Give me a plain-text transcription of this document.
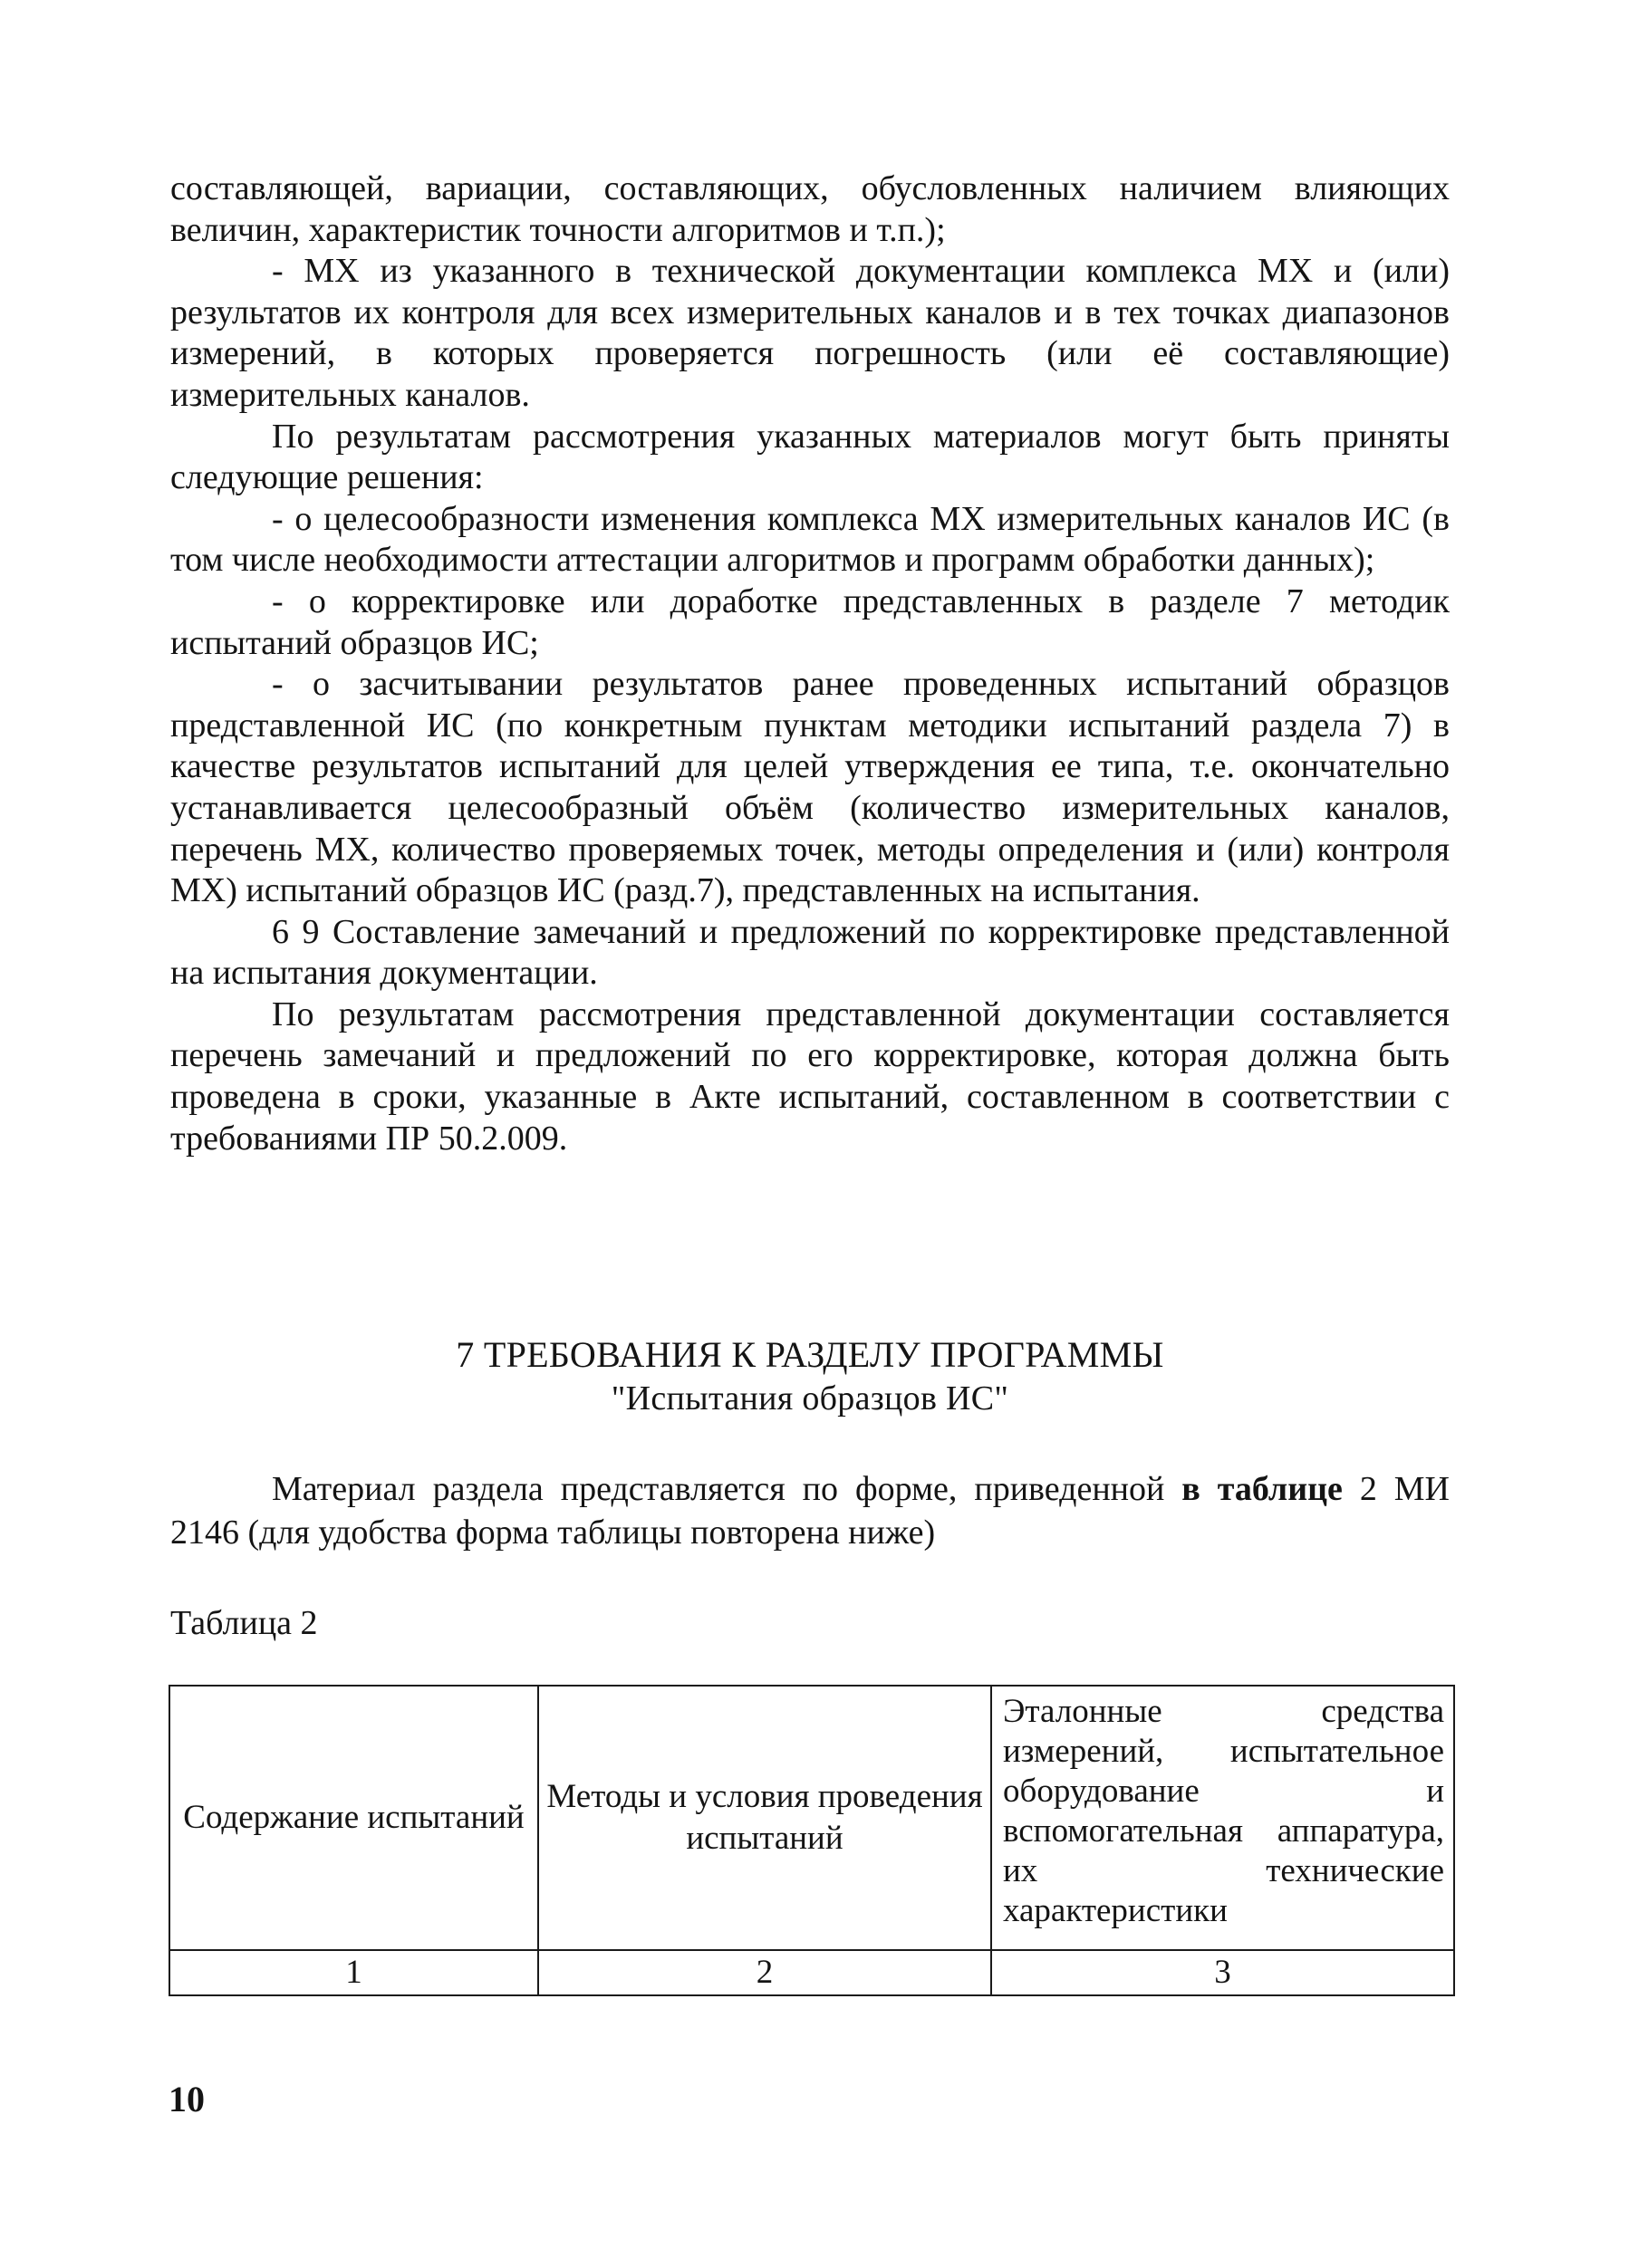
составляющей, вариации, составляющих, обусловленных наличием влияющих величин, характеристик точности алгоритмов и т.п.);

- МХ из указанного в технической документации комплекса МХ и (или) результатов их контроля для всех измерительных каналов и в тех точках диапазонов измерений, в которых проверяется погрешность (или её составляющие) измерительных каналов.

По результатам рассмотрения указанных материалов могут быть приняты следующие решения:

- о целесообразности изменения комплекса МХ измерительных каналов ИС (в том числе необходимости аттестации алгоритмов и программ обработки данных);

- о корректировке или доработке представленных в разделе 7 методик испытаний образцов ИС;

- о засчитывании результатов ранее проведенных испытаний образцов представленной ИС (по конкретным пунктам методики испытаний раздела 7) в качестве результатов испытаний для целей утверждения ее типа, т.е. окончательно устанавливается целесообразный объём (количество измерительных каналов, перечень МХ, количество проверяемых точек, методы определения и (или) контроля МХ) испытаний образцов ИС (разд.7), представленных на испытания.

6 9 Составление замечаний и предложений по корректировке представленной на испытания документации.

По результатам рассмотрения представленной документации составляется перечень замечаний и предложений по его корректировке, которая должна быть проведена в сроки, указанные в Акте испытаний, составленном в соответствии с требованиями ПР 50.2.009.

7 ТРЕБОВАНИЯ К РАЗДЕЛУ ПРОГРАММЫ
"Испытания образцов ИС"

Материал раздела представляется по форме, приведенной в таблице 2 МИ 2146 (для удобства форма таблицы повторена ниже)

Таблица 2
Содержание испытаний	Методы и условия проведения испытаний	Эталонные средства измерений, испытательное оборудование и вспомогательная аппаратура, их технические характеристики
1	2	3
10
